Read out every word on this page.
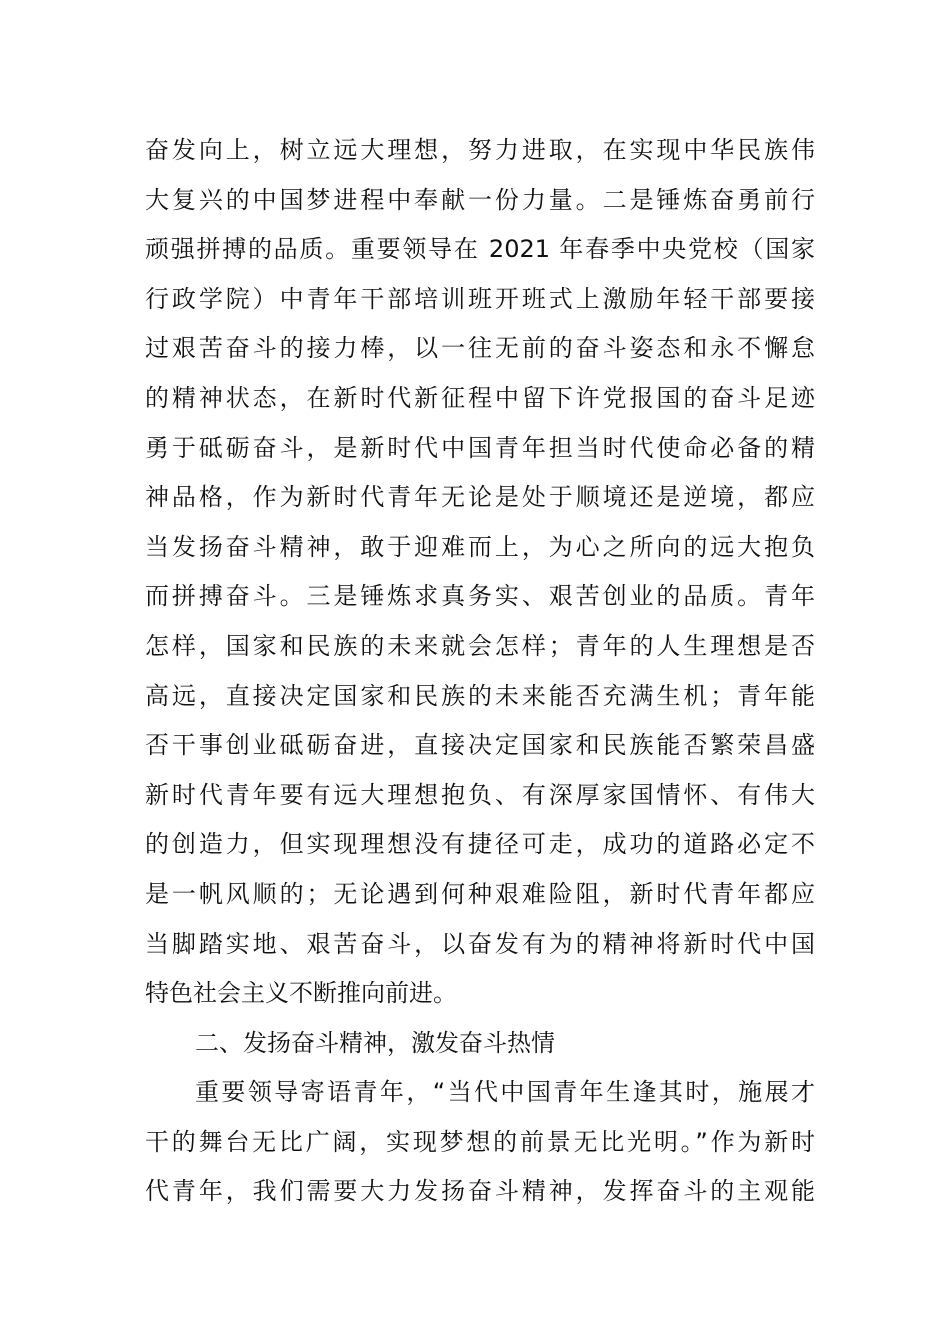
奋发向上，树立远大理想，努力进取，在实现中华民族伟
大复兴的中国梦进程中奉献一份力量。二是锤炼奋勇前行
顽强拼搏的品质。重要领导在 2021 年春季中央党校（国家
行政学院）中青年干部培训班开班式上激励年轻干部要接
过艰苦奋斗的接力棒，以一往无前的奋斗姿态和永不懈怠
的精神状态，在新时代新征程中留下许党报国的奋斗足迹
勇于砥砺奋斗，是新时代中国青年担当时代使命必备的精
神品格，作为新时代青年无论是处于顺境还是逆境，都应
当发扬奋斗精神，敢于迎难而上，为心之所向的远大抱负
而拼搏奋斗。三是锤炼求真务实、艰苦创业的品质。青年
怎样，国家和民族的未来就会怎样；青年的人生理想是否
高远，直接决定国家和民族的未来能否充满生机；青年能
否干事创业砥砺奋进，直接决定国家和民族能否繁荣昌盛
新时代青年要有远大理想抱负、有深厚家国情怀、有伟大
的创造力，但实现理想没有捷径可走，成功的道路必定不
是一帆风顺的；无论遇到何种艰难险阻，新时代青年都应
当脚踏实地、艰苦奋斗，以奋发有为的精神将新时代中国
特色社会主义不断推向前进。
二、发扬奋斗精神，激发奋斗热情
重要领导寄语青年，“当代中国青年生逢其时，施展才
干的舞台无比广阔，实现梦想的前景无比光明。”作为新时
代青年，我们需要大力发扬奋斗精神，发挥奋斗的主观能
